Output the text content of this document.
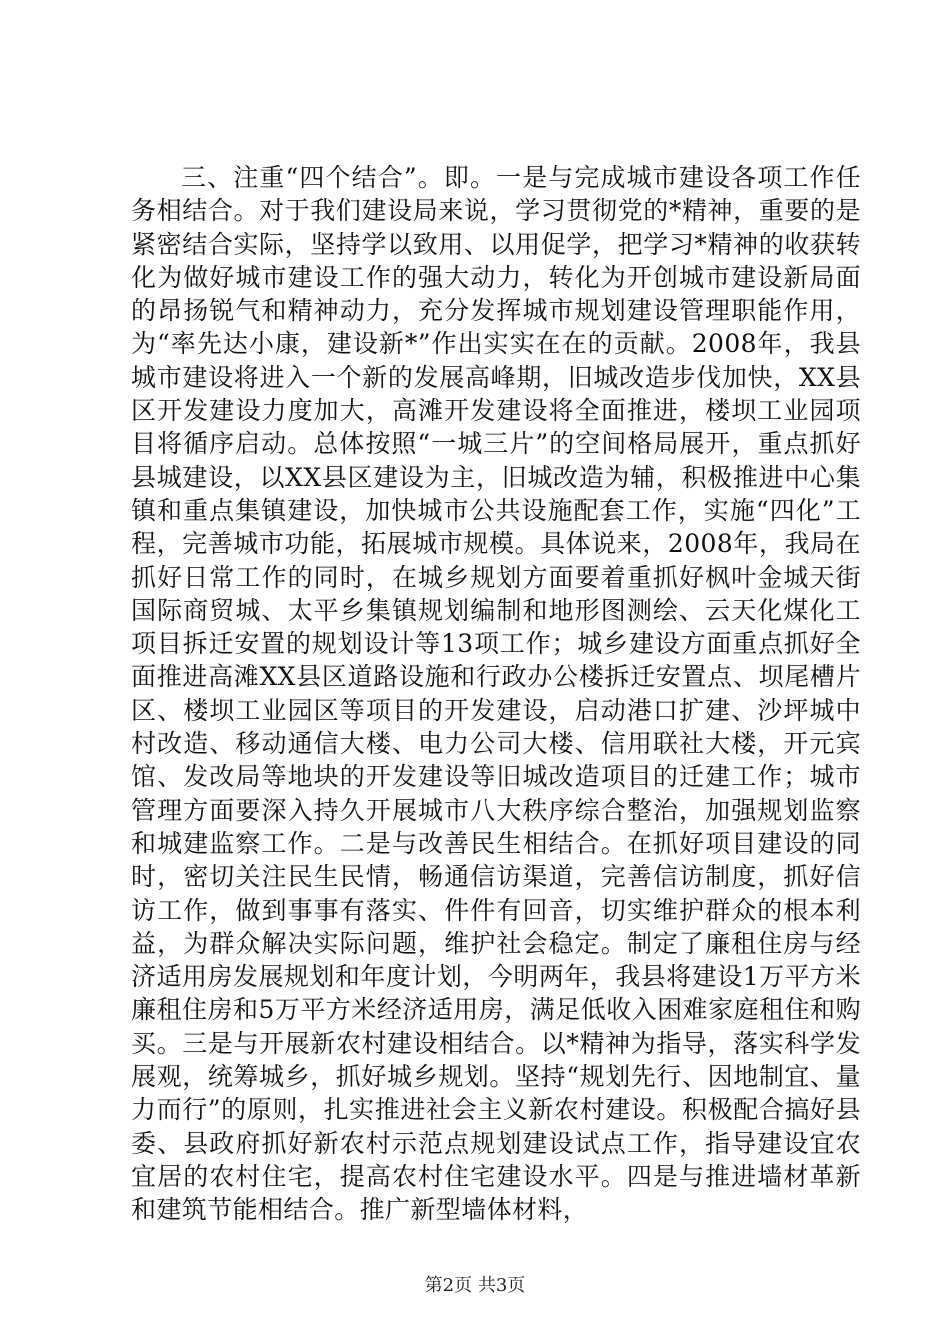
三、注重“四个结合”。即。一是与完成城市建设各项工作任务相结合。对于我们建设局来说，学习贯彻党的*精神，重要的是紧密结合实际，坚持学以致用、以用促学，把学习*精神的收获转化为做好城市建设工作的强大动力，转化为开创城市建设新局面的昂扬锐气和精神动力，充分发挥城市规划建设管理职能作用，为“率先达小康，建设新*”作出实实在在的贡献。2008年，我县城市建设将进入一个新的发展高峰期，旧城改造步伐加快，XX县区开发建设力度加大，高滩开发建设将全面推进，楼坝工业园项目将循序启动。总体按照“一城三片”的空间格局展开，重点抓好县城建设，以XX县区建设为主，旧城改造为辅，积极推进中心集镇和重点集镇建设，加快城市公共设施配套工作，实施“四化”工程，完善城市功能，拓展城市规模。具体说来，2008年，我局在抓好日常工作的同时，在城乡规划方面要着重抓好枫叶金城天街国际商贸城、太平乡集镇规划编制和地形图测绘、云天化煤化工项目拆迁安置的规划设计等13项工作；城乡建设方面重点抓好全面推进高滩XX县区道路设施和行政办公楼拆迁安置点、坝尾槽片区、楼坝工业园区等项目的开发建设，启动港口扩建、沙坪城中村改造、移动通信大楼、电力公司大楼、信用联社大楼，开元宾馆、发改局等地块的开发建设等旧城改造项目的迁建工作；城市管理方面要深入持久开展城市八大秩序综合整治，加强规划监察和城建监察工作。二是与改善民生相结合。在抓好项目建设的同时，密切关注民生民情，畅通信访渠道，完善信访制度，抓好信访工作，做到事事有落实、件件有回音，切实维护群众的根本利益，为群众解决实际问题，维护社会稳定。制定了廉租住房与经济适用房发展规划和年度计划，今明两年，我县将建设1万平方米廉租住房和5万平方米经济适用房，满足低收入困难家庭租住和购买。三是与开展新农村建设相结合。以*精神为指导，落实科学发展观，统筹城乡，抓好城乡规划。坚持“规划先行、因地制宜、量力而行”的原则，扎实推进社会主义新农村建设。积极配合搞好县委、县政府抓好新农村示范点规划建设试点工作，指导建设宜农宜居的农村住宅，提高农村住宅建设水平。四是与推进墙材革新和建筑节能相结合。推广新型墙体材料，

第2页 共3页
